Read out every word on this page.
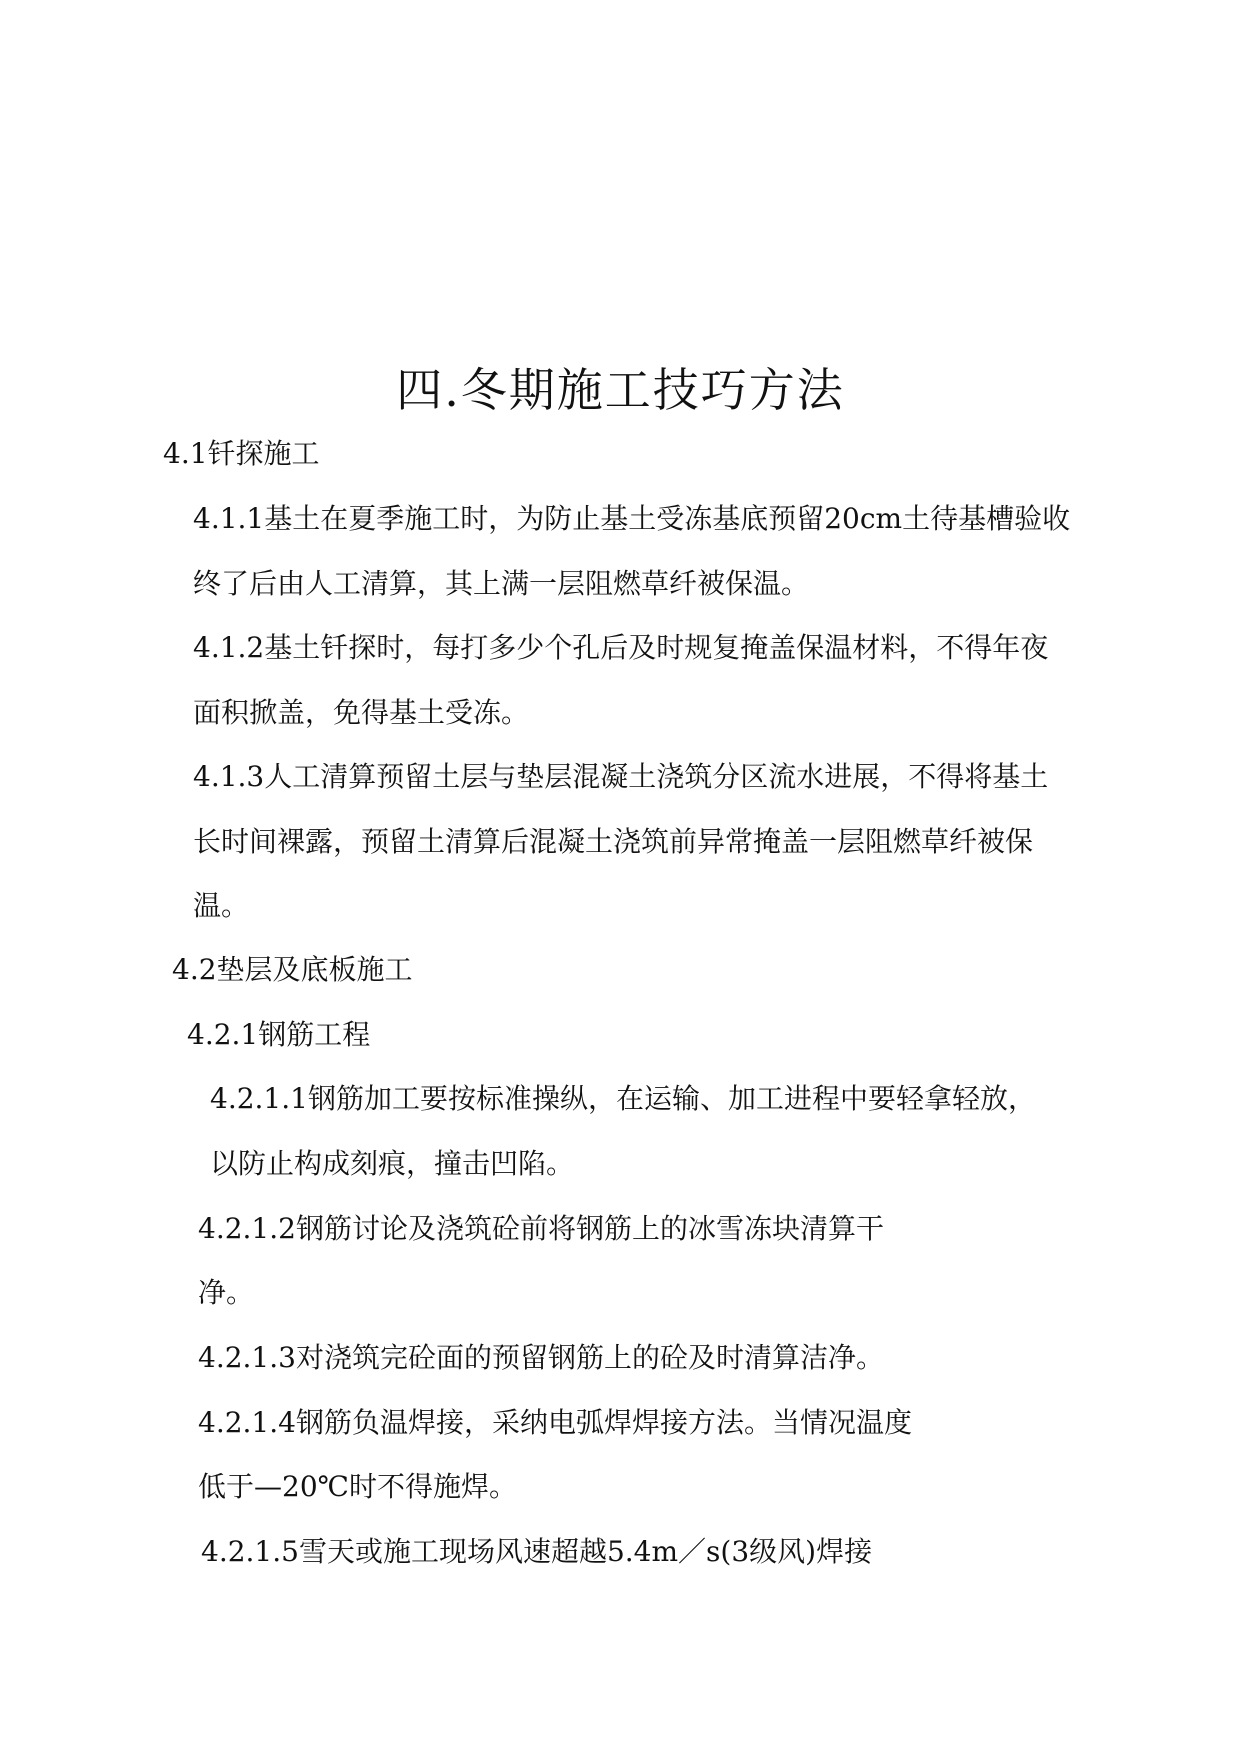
四.冬期施工技巧方法
4.1钎探施工
4.1.1基土在夏季施工时，为防止基土受冻基底预留20cm土待基槽验收
终了后由人工清算，其上满一层阻燃草纤被保温。
4.1.2基土钎探时，每打多少个孔后及时规复掩盖保温材料，不得年夜
面积掀盖，免得基土受冻。
4.1.3人工清算预留土层与垫层混凝土浇筑分区流水进展，不得将基土
长时间裸露，预留土清算后混凝土浇筑前异常掩盖一层阻燃草纤被保
温。
4.2垫层及底板施工
4.2.1钢筋工程
4.2.1.1钢筋加工要按标准操纵，在运输、加工进程中要轻拿轻放，
以防止构成刻痕，撞击凹陷。
4.2.1.2钢筋讨论及浇筑砼前将钢筋上的冰雪冻块清算干
净。
4.2.1.3对浇筑完砼面的预留钢筋上的砼及时清算洁净。
4.2.1.4钢筋负温焊接，采纳电弧焊焊接方法。当情况温度
低于—20℃时不得施焊。
4.2.1.5雪天或施工现场风速超越5.4m／s(3级风)焊接
